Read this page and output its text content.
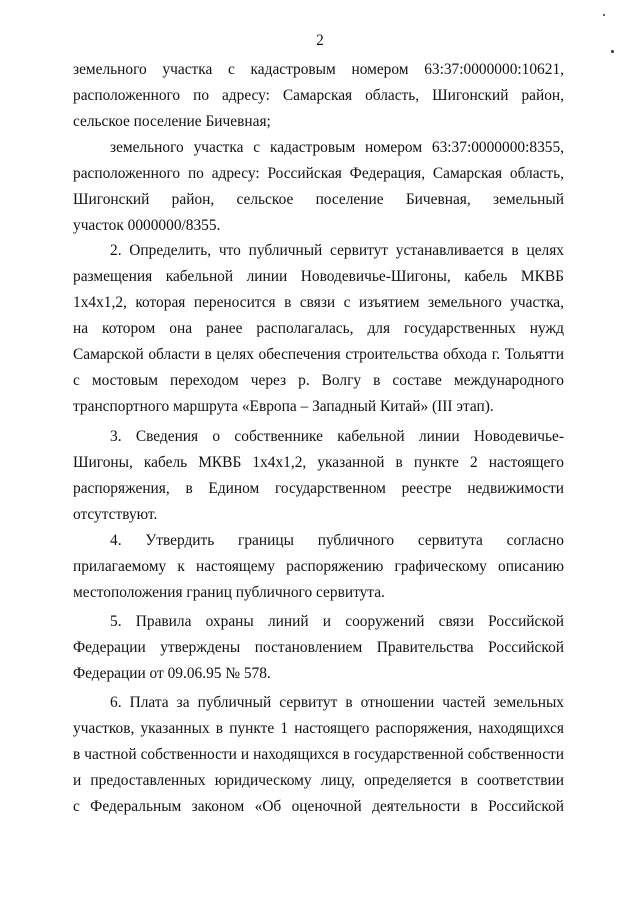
2
земельного участка с кадастровым номером 63:37:0000000:10621,
расположенного по адресу: Самарская область, Шигонский район,
сельское поселение Бичевная;
земельного участка с кадастровым номером 63:37:0000000:8355,
расположенного по адресу: Российская Федерация, Самарская область,
Шигонский район, сельское поселение Бичевная, земельный
участок 0000000/8355.
2. Определить, что публичный сервитут устанавливается в целях
размещения кабельной линии Новодевичье-Шигоны, кабель МКВБ
1х4х1,2, которая переносится в связи с изъятием земельного участка,
на котором она ранее располагалась, для государственных нужд
Самарской области в целях обеспечения строительства обхода г. Тольятти
с мостовым переходом через р. Волгу в составе международного
транспортного маршрута «Европа – Западный Китай» (III этап).
3. Сведения о собственнике кабельной линии Новодевичье-
Шигоны, кабель МКВБ 1х4х1,2, указанной в пункте 2 настоящего
распоряжения, в Едином государственном реестре недвижимости
отсутствуют.
4. Утвердить границы публичного сервитута согласно
прилагаемому к настоящему распоряжению графическому описанию
местоположения границ публичного сервитута.
5. Правила охраны линий и сооружений связи Российской
Федерации утверждены постановлением Правительства Российской
Федерации от 09.06.95 № 578.
6. Плата за публичный сервитут в отношении частей земельных
участков, указанных в пункте 1 настоящего распоряжения, находящихся
в частной собственности и находящихся в государственной собственности
и предоставленных юридическому лицу, определяется в соответствии
с Федеральным законом «Об оценочной деятельности в Российской
